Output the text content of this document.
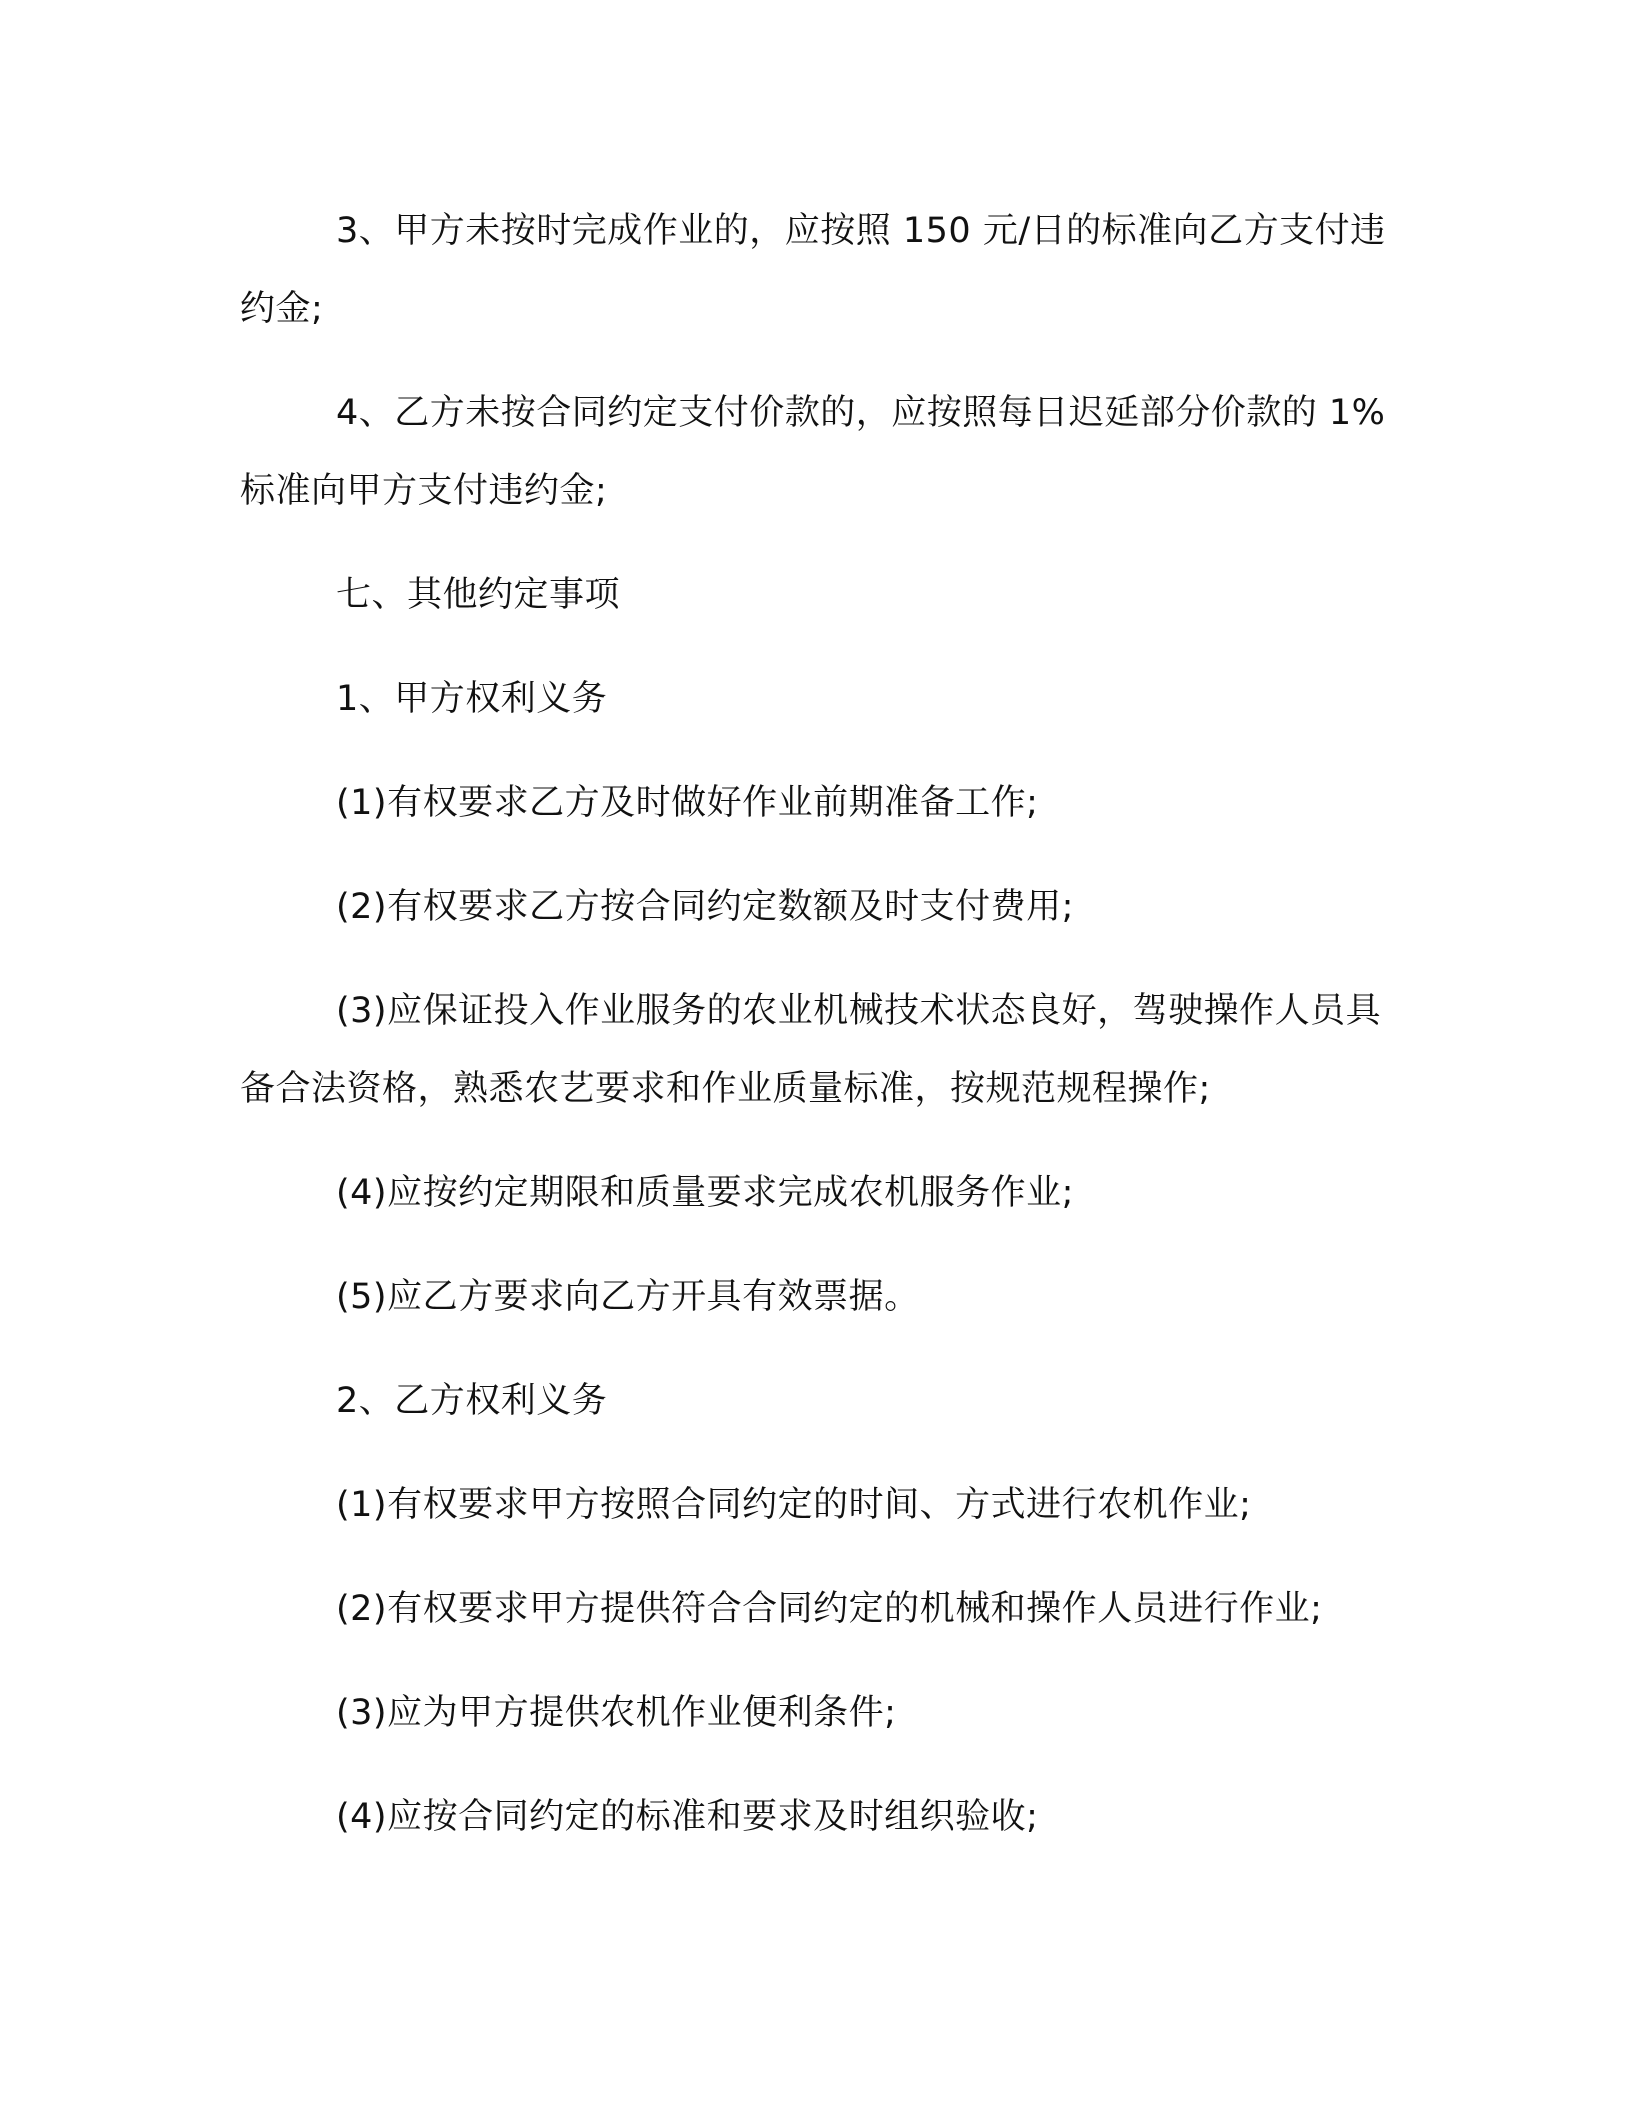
3、甲方未按时完成作业的，应按照 150 元/日的标准向乙方支付违约金;

4、乙方未按合同约定支付价款的，应按照每日迟延部分价款的 1%标准向甲方支付违约金;

七、其他约定事项

1、甲方权利义务

(1)有权要求乙方及时做好作业前期准备工作;

(2)有权要求乙方按合同约定数额及时支付费用;

(3)应保证投入作业服务的农业机械技术状态良好，驾驶操作人员具备合法资格，熟悉农艺要求和作业质量标准，按规范规程操作;

(4)应按约定期限和质量要求完成农机服务作业;

(5)应乙方要求向乙方开具有效票据。

2、乙方权利义务

(1)有权要求甲方按照合同约定的时间、方式进行农机作业;

(2)有权要求甲方提供符合合同约定的机械和操作人员进行作业;

(3)应为甲方提供农机作业便利条件;

(4)应按合同约定的标准和要求及时组织验收;
